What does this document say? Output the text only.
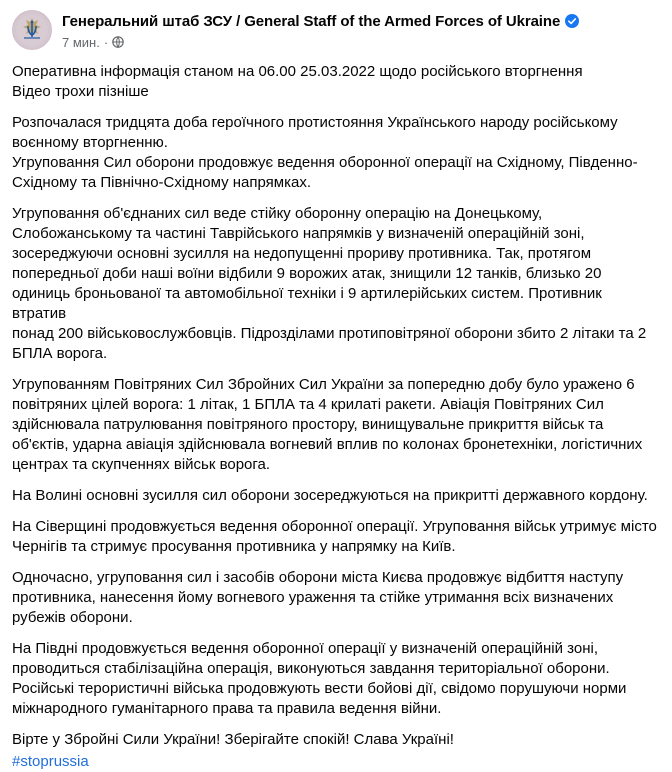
Генеральний штаб ЗСУ / General Staff of the Armed Forces of Ukraine
7 мин. ·
Оперативна інформація станом на 06.00 25.03.2022 щодо російського вторгнення
Відео трохи пізніше
Розпочалася тридцята доба героїчного протистояння Українського народу російському
воєнному вторгненню.
Угруповання Сил оборони продовжує ведення оборонної операції на Східному, Південно-
Східному та Північно-Східному напрямках.
Угруповання об'єднаних сил веде стійку оборонну операцію на Донецькому,
Слобожанському та частині Таврійського напрямків у визначеній операційній зоні,
зосереджуючи основні зусилля на недопущенні прориву противника. Так, протягом
попередньої доби наші воїни відбили 9 ворожих атак, знищили 12 танків, близько 20
одиниць броньованої та автомобільної техніки і 9 артилерійських систем. Противник втратив
понад 200 військовослужбовців. Підрозділами протиповітряної оборони збито 2 літаки та 2
БПЛА ворога.
Угрупованням Повітряних Сил Збройних Сил України за попередню добу було уражено 6
повітряних цілей ворога: 1 літак, 1 БПЛА та 4 крилаті ракети. Авіація Повітряних Сил
здійснювала патрулювання повітряного простору, винищувальне прикриття військ та
об'єктів, ударна авіація здійснювала вогневий вплив по колонах бронетехніки, логістичних
центрах та скупченнях військ ворога.
На Волині основні зусилля сил оборони зосереджуються на прикритті державного кордону.
На Сіверщині продовжується ведення оборонної операції. Угруповання військ утримує місто
Чернігів та стримує просування противника у напрямку на Київ.
Одночасно, угруповання сил і засобів оборони міста Києва продовжує відбиття наступу
противника, нанесення йому вогневого ураження та стійке утримання всіх визначених
рубежів оборони.
На Півдні продовжується ведення оборонної операції у визначеній операційній зоні,
проводиться стабілізаційна операція, виконуються завдання територіальної оборони.
Російські терористичні війська продовжують вести бойові дії, свідомо порушуючи норми
міжнародного гуманітарного права та правила ведення війни.
Вірте у Збройні Сили України! Зберігайте спокій! Слава Україні!
#stoprussia
